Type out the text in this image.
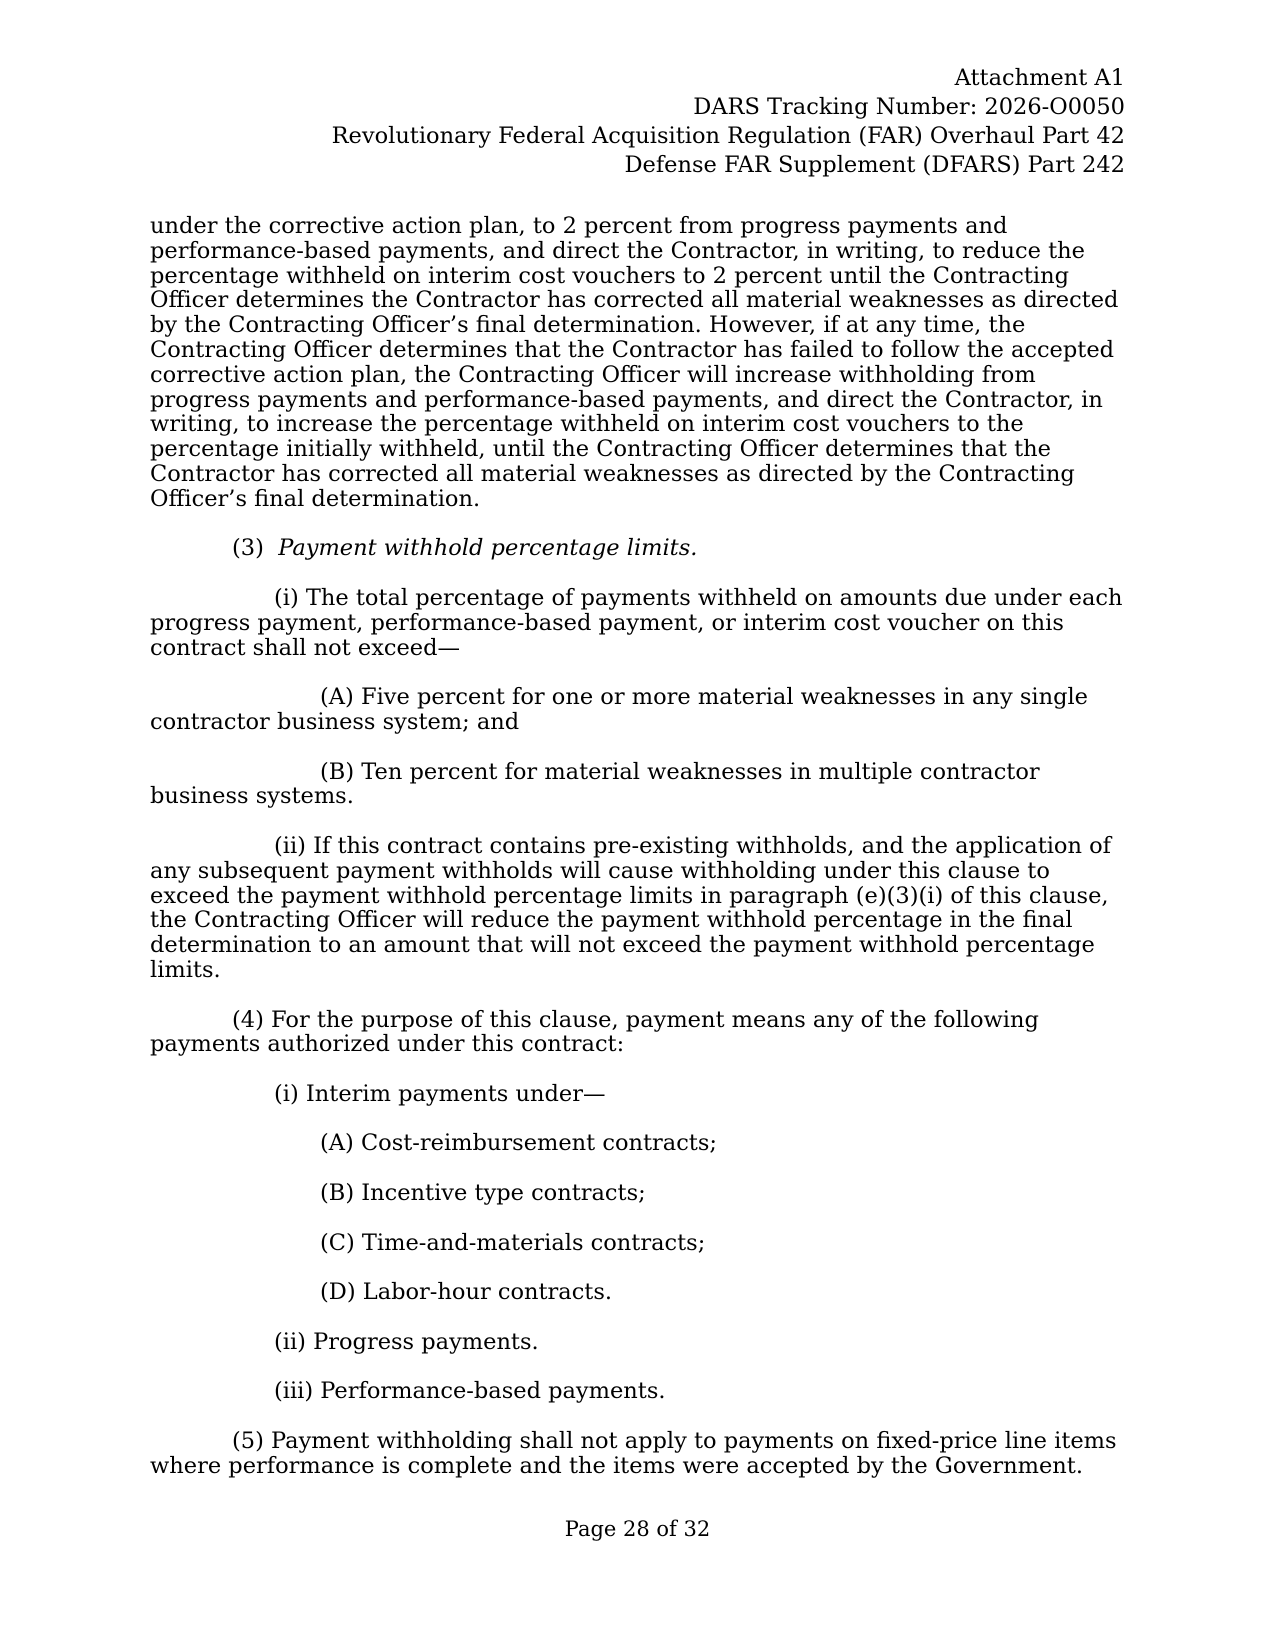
Attachment A1
DARS Tracking Number: 2026-O0050
Revolutionary Federal Acquisition Regulation (FAR) Overhaul Part 42
Defense FAR Supplement (DFARS) Part 242

under the corrective action plan, to 2 percent from progress payments and performance-based payments, and direct the Contractor, in writing, to reduce the percentage withheld on interim cost vouchers to 2 percent until the Contracting Officer determines the Contractor has corrected all material weaknesses as directed by the Contracting Officer’s final determination. However, if at any time, the Contracting Officer determines that the Contractor has failed to follow the accepted corrective action plan, the Contracting Officer will increase withholding from progress payments and performance-based payments, and direct the Contractor, in writing, to increase the percentage withheld on interim cost vouchers to the percentage initially withheld, until the Contracting Officer determines that the Contractor has corrected all material weaknesses as directed by the Contracting Officer’s final determination.

(3) Payment withhold percentage limits.

(i) The total percentage of payments withheld on amounts due under each progress payment, performance-based payment, or interim cost voucher on this contract shall not exceed—

(A) Five percent for one or more material weaknesses in any single contractor business system; and

(B) Ten percent for material weaknesses in multiple contractor business systems.

(ii) If this contract contains pre-existing withholds, and the application of any subsequent payment withholds will cause withholding under this clause to exceed the payment withhold percentage limits in paragraph (e)(3)(i) of this clause, the Contracting Officer will reduce the payment withhold percentage in the final determination to an amount that will not exceed the payment withhold percentage limits.

(4) For the purpose of this clause, payment means any of the following payments authorized under this contract:

(i) Interim payments under—

(A) Cost-reimbursement contracts;

(B) Incentive type contracts;

(C) Time-and-materials contracts;

(D) Labor-hour contracts.

(ii) Progress payments.

(iii) Performance-based payments.

(5) Payment withholding shall not apply to payments on fixed-price line items where performance is complete and the items were accepted by the Government.

Page 28 of 32
